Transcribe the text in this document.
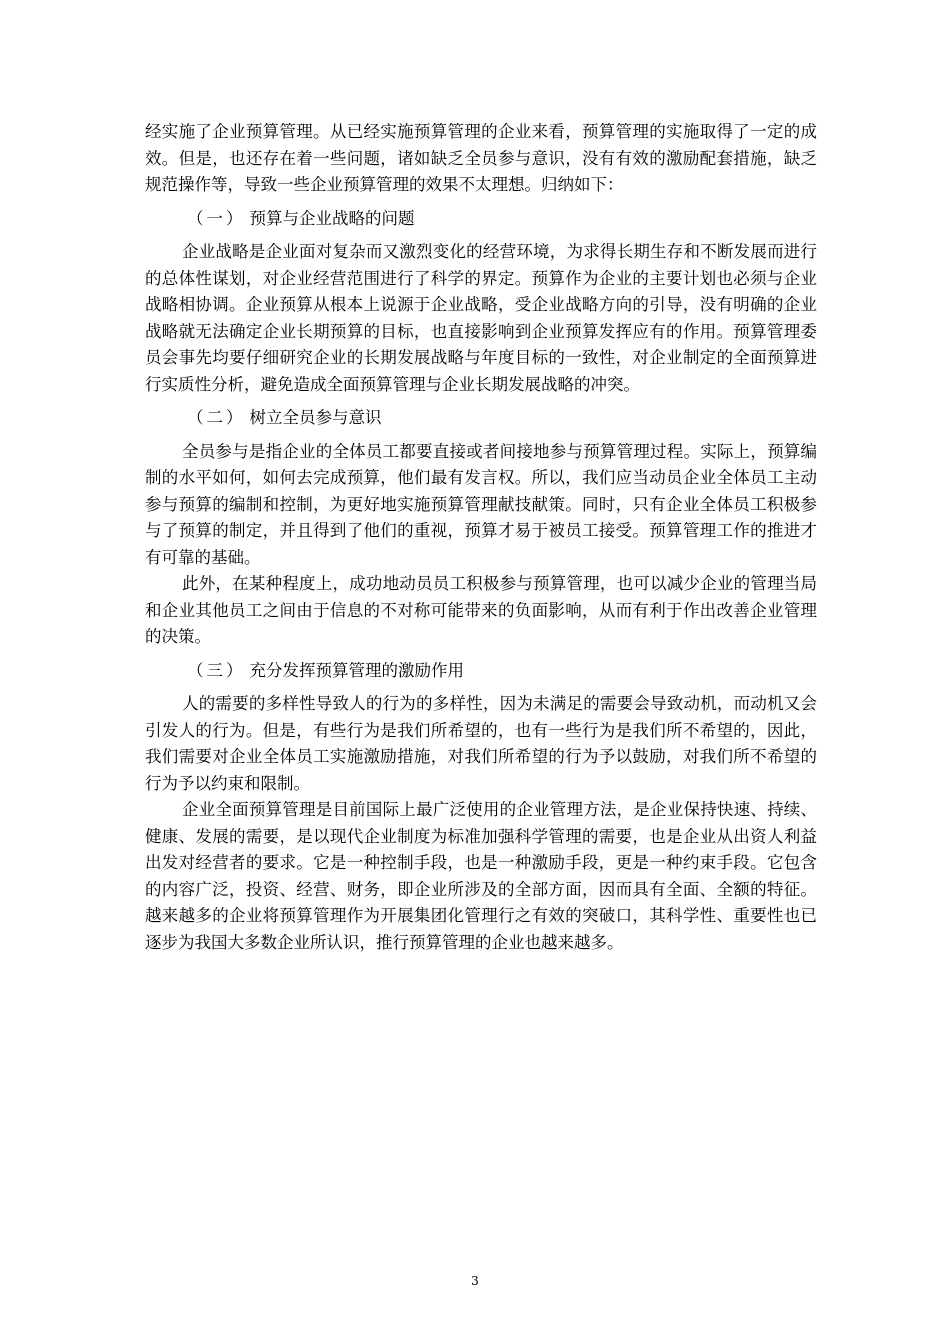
经实施了企业预算管理。从已经实施预算管理的企业来看，预算管理的实施取得了一定的成效。但是，也还存在着一些问题，诸如缺乏全员参与意识，没有有效的激励配套措施，缺乏规范操作等，导致一些企业预算管理的效果不太理想。归纳如下：

（一） 预算与企业战略的问题

企业战略是企业面对复杂而又激烈变化的经营环境，为求得长期生存和不断发展而进行的总体性谋划，对企业经营范围进行了科学的界定。预算作为企业的主要计划也必须与企业战略相协调。企业预算从根本上说源于企业战略，受企业战略方向的引导，没有明确的企业战略就无法确定企业长期预算的目标，也直接影响到企业预算发挥应有的作用。预算管理委员会事先均要仔细研究企业的长期发展战略与年度目标的一致性，对企业制定的全面预算进行实质性分析，避免造成全面预算管理与企业长期发展战略的冲突。

（二） 树立全员参与意识

全员参与是指企业的全体员工都要直接或者间接地参与预算管理过程。实际上，预算编制的水平如何，如何去完成预算，他们最有发言权。所以，我们应当动员企业全体员工主动参与预算的编制和控制，为更好地实施预算管理献技献策。同时，只有企业全体员工积极参与了预算的制定，并且得到了他们的重视，预算才易于被员工接受。预算管理工作的推进才有可靠的基础。

此外，在某种程度上，成功地动员员工积极参与预算管理，也可以减少企业的管理当局和企业其他员工之间由于信息的不对称可能带来的负面影响，从而有利于作出改善企业管理的决策。

（三） 充分发挥预算管理的激励作用

人的需要的多样性导致人的行为的多样性，因为未满足的需要会导致动机，而动机又会引发人的行为。但是，有些行为是我们所希望的，也有一些行为是我们所不希望的，因此，我们需要对企业全体员工实施激励措施，对我们所希望的行为予以鼓励，对我们所不希望的行为予以约束和限制。

企业全面预算管理是目前国际上最广泛使用的企业管理方法，是企业保持快速、持续、健康、发展的需要，是以现代企业制度为标准加强科学管理的需要，也是企业从出资人利益出发对经营者的要求。它是一种控制手段，也是一种激励手段，更是一种约束手段。它包含的内容广泛，投资、经营、财务，即企业所涉及的全部方面，因而具有全面、全额的特征。越来越多的企业将预算管理作为开展集团化管理行之有效的突破口，其科学性、重要性也已逐步为我国大多数企业所认识，推行预算管理的企业也越来越多。

3
